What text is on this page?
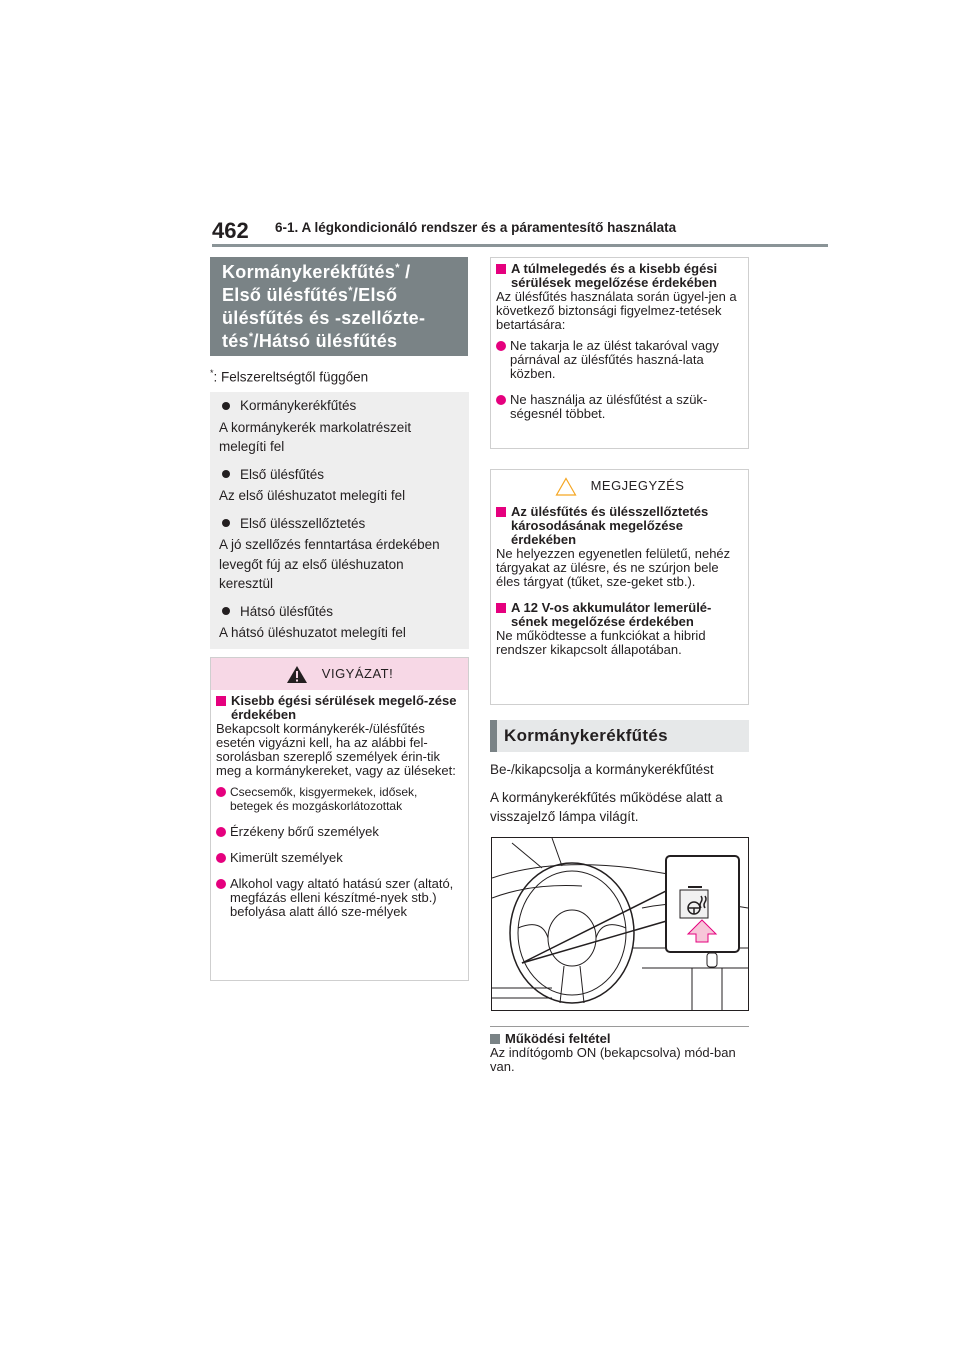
462 6-1. A légkondicionáló rendszer és a páramentesítő használata
Kormánykerékfűtés* /
Első ülésfűtés*/Első
ülésfűtés és -szellőzte-
tés*/Hátsó ülésfűtés
*: Felszereltségtől függően
Kormánykerékfűtés

A kormánykerék markolatrészeit melegíti fel

Első ülésfűtés

Az első üléshuzatot melegíti fel

Első ülésszellőztetés

A jó szellőzés fenntartása érdekében levegőt fúj az első üléshuzaton keresztül

Hátsó ülésfűtés

A hátsó üléshuzatot melegíti fel

VIGYÁZAT!
Kisebb égési sérülések megelő-zése érdekében

Bekapcsolt kormánykerék-/ülésfűtés esetén vigyázni kell, ha az alábbi fel-sorolásban szereplő személyek érin-tik meg a kormánykereket, vagy az üléseket:

Csecsemők, kisgyermekek, idősek, betegek és mozgáskorlátozottak
Érzékeny bőrű személyek
Kimerült személyek
Alkohol vagy altató hatású szer (altató, megfázás elleni készítmé-nyek stb.) befolyása alatt álló sze-mélyek
A túlmelegedés és a kisebb égési sérülések megelőzése érdekében

Az ülésfűtés használata során ügyel-jen a következő biztonsági figyelmez-tetések betartására:

Ne takarja le az ülést takaróval vagy párnával az ülésfűtés haszná-lata közben.
Ne használja az ülésfűtést a szük-ségesnél többet.
MEGJEGYZÉS
Az ülésfűtés és ülésszellőztetés károsodásának megelőzése érdekében

Ne helyezzen egyenetlen felületű, nehéz tárgyakat az ülésre, és ne szúrjon bele éles tárgyat (tűket, sze-geket stb.).

A 12 V-os akkumulátor lemerülé-sének megelőzése érdekében

Ne működtesse a funkciókat a hibrid rendszer kikapcsolt állapotában.

Kormánykerékfűtés

Be-/kikapcsolja a kormánykerékfűtést

A kormánykerékfűtés működése alatt a visszajelző lámpa világít.

Működési feltétel

Az indítógomb ON (bekapcsolva) mód-ban van.
